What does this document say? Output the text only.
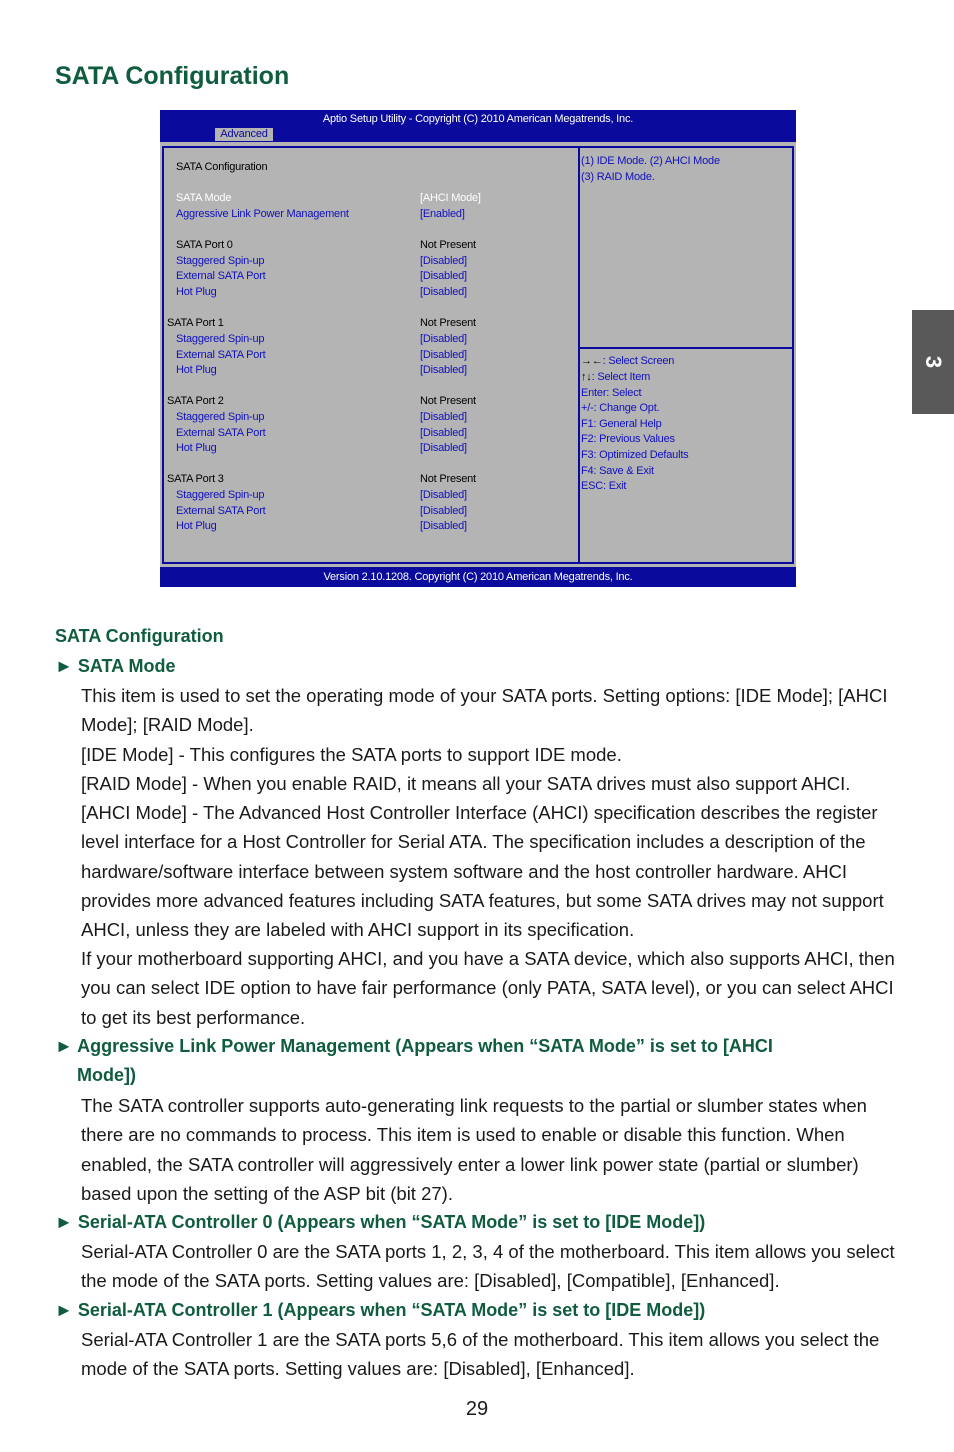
SATA Configuration
3
Aptio Setup Utility - Copyright (C) 2010 American Megatrends, Inc.
Advanced
SATA Configuration
SATA Mode	[AHCI Mode]
Aggressive Link Power Management	[Enabled]
SATA Port 0	Not Present
Staggered Spin-up	[Disabled]
External SATA Port	[Disabled]
Hot Plug	[Disabled]
SATA Port 1	Not Present
Staggered Spin-up	[Disabled]
External SATA Port	[Disabled]
Hot Plug	[Disabled]
SATA Port 2	Not Present
Staggered Spin-up	[Disabled]
External SATA Port	[Disabled]
Hot Plug	[Disabled]
SATA Port 3	Not Present
Staggered Spin-up	[Disabled]
External SATA Port	[Disabled]
Hot Plug	[Disabled]
(1) IDE Mode. (2) AHCI Mode
(3) RAID Mode.
→←: Select Screen
↑↓: Select Item
Enter: Select
+/-: Change Opt.
F1: General Help
F2: Previous Values
F3: Optimized Defaults
F4: Save & Exit
ESC: Exit
Version 2.10.1208. Copyright (C) 2010 American Megatrends, Inc.
SATA Configuration
► SATA Mode

This item is used to set the operating mode of your SATA ports. Setting options: [IDE Mode]; [AHCI Mode]; [RAID Mode].

[IDE Mode] - This configures the SATA ports to support IDE mode.

[RAID Mode] - When you enable RAID, it means all your SATA drives must also support AHCI.

[AHCI Mode] - The Advanced Host Controller Interface (AHCI) specification describes the register level interface for a Host Controller for Serial ATA. The specification includes a description of the hardware/software interface between system software and the host controller hardware. AHCI provides more advanced features including SATA features, but some SATA drives may not support AHCI, unless they are labeled with AHCI support in its specification.

If your motherboard supporting AHCI, and you have a SATA device, which also supports AHCI, then you can select IDE option to have fair performance (only PATA, SATA level), or you can select AHCI to get its best performance.

► Aggressive Link Power Management (Appears when “SATA Mode” is set to [AHCI
Mode])

The SATA controller supports auto-generating link requests to the partial or slumber states when there are no commands to process. This item is used to enable or disable this function. When enabled, the SATA controller will aggressively enter a lower link power state (partial or slumber) based upon the setting of the ASP bit (bit 27).

► Serial-ATA Controller 0 (Appears when “SATA Mode” is set to [IDE Mode])

Serial-ATA Controller 0 are the SATA ports 1, 2, 3, 4 of the motherboard. This item allows you select the mode of the SATA ports. Setting values are: [Disabled], [Compatible], [Enhanced].

► Serial-ATA Controller 1 (Appears when “SATA Mode” is set to [IDE Mode])

Serial-ATA Controller 1 are the SATA ports 5,6 of the motherboard. This item allows you select the mode of the SATA ports. Setting values are: [Disabled], [Enhanced].

29
